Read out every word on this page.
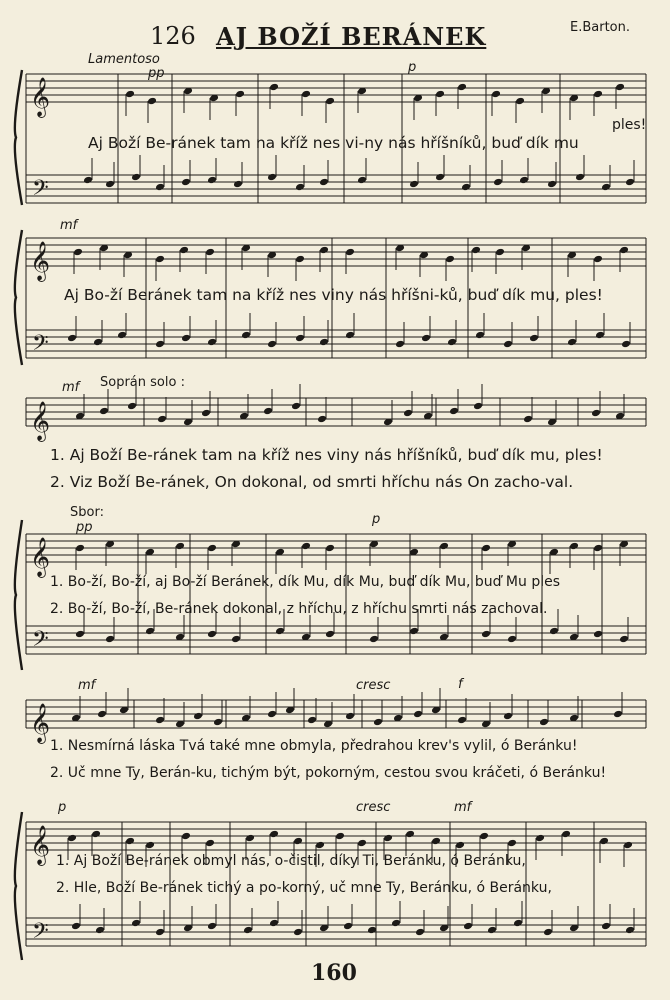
126 AJ BOŽÍ BERÁNEK	E.Barton.
𝄞
𝄢
𝄞
𝄢
𝄞
𝄞
𝄢
𝄞
𝄞
𝄢
Lamentoso
pp	p
mf
mf Soprán solo :
Sbor:
pp
p
mf	cresc	f
p	cresc	mf
Aj Boží Be-ránek tam na kříž nes vi-ny nás hříšníků, buď dík mu
ples!
Aj Bo-ží Beránek tam na kříž nes viny nás hříšni-ků, buď dík mu, ples!
1. Aj Boží Be-ránek tam na kříž nes viny nás hříšníků, buď dík mu, ples!
2. Viz Boží Be-ránek, On dokonal, od smrti hříchu nás On zacho-val.
1. Bo-ží, Bo-ží, aj Bo-ží Beránek, dík Mu, dík Mu, buď dík Mu, buď Mu ples
2. Bo-ží, Bo-ží, Be-ránek dokonal, z hříchu, z hříchu smrti nás zachoval.
1. Nesmírná láska Tvá také mne obmyla, předrahou krev's vylil, ó Beránku!
2. Uč mne Ty, Berán-ku, tichým být, pokorným, cestou svou kráčeti, ó Beránku!
1. Aj Boží Be-ránek obmyl nás, o-čistil, díky Ti, Beránku, ó Beránku,
2. Hle, Boží Be-ránek tichý a po-korný, uč mne Ty, Beránku, ó Beránku,
160
